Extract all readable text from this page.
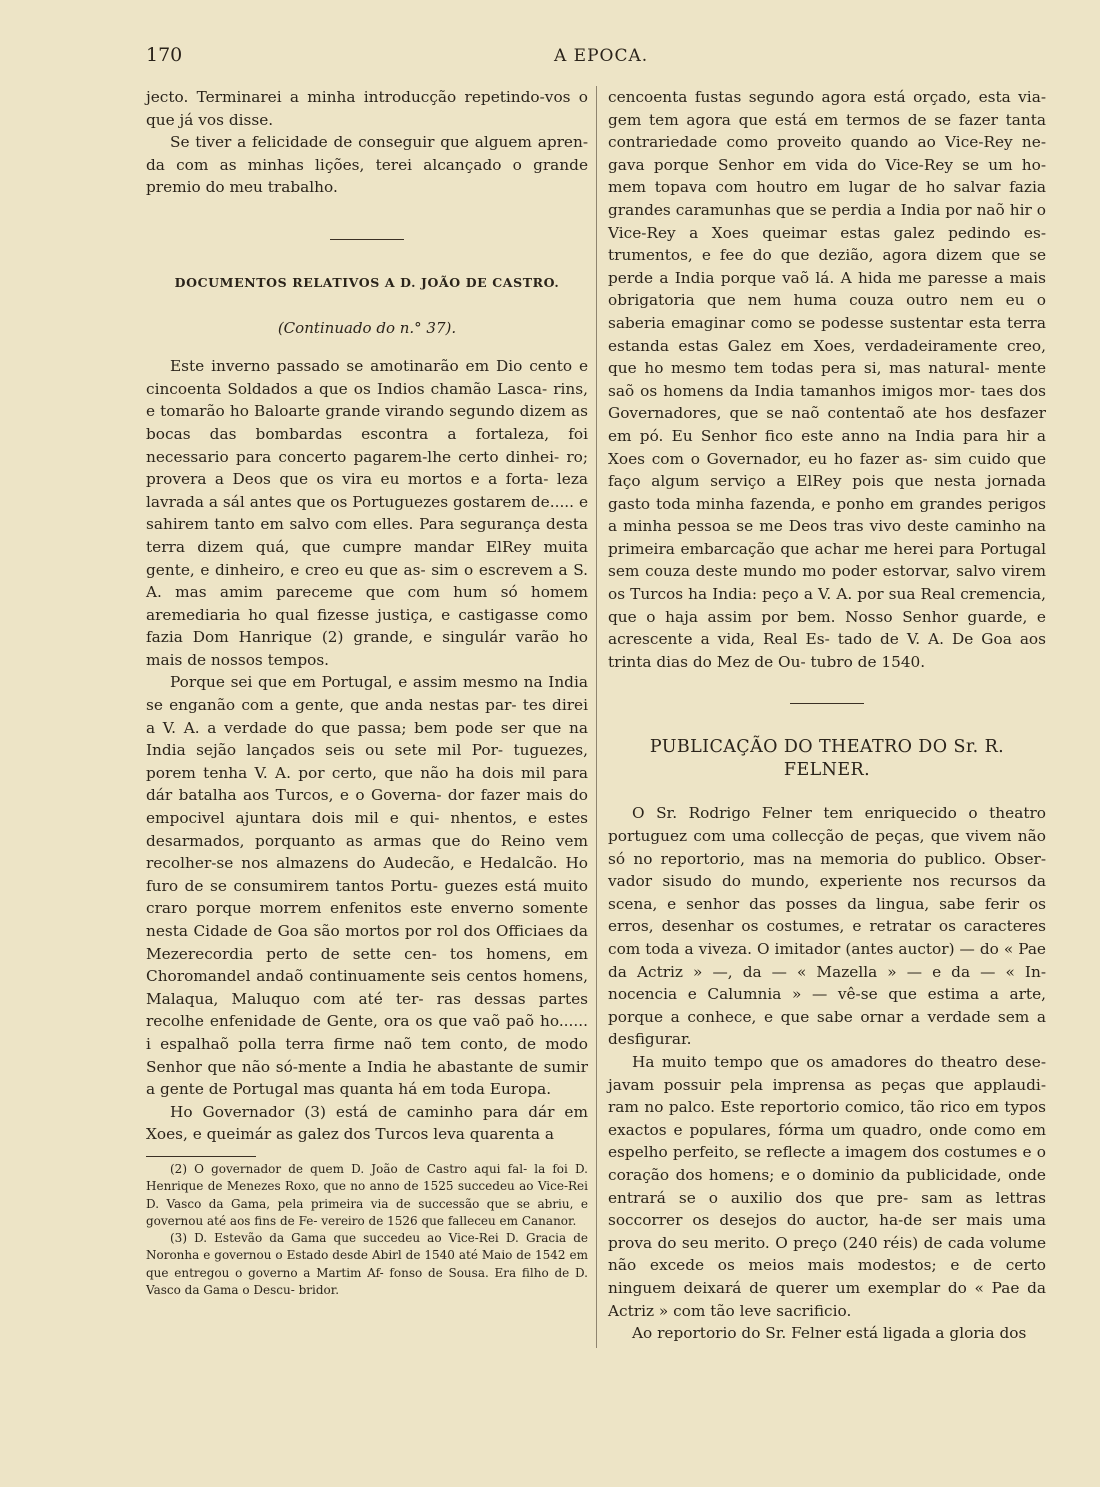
170	A EPOCA.

jecto. Terminarei a minha introducção repetindo-vos o que já vos disse.

Se tiver a felicidade de conseguir que alguem apren- da com as minhas lições, terei alcançado o grande premio do meu trabalho.

DOCUMENTOS RELATIVOS A D. JOÃO DE CASTRO.

(Continuado do n.° 37).

Este inverno passado se amotinarão em Dio cento e cincoenta Soldados a que os Indios chamão Lasca- rins, e tomarão ho Baloarte grande virando segundo dizem as bocas das bombardas escontra a fortaleza, foi necessario para concerto pagarem-lhe certo dinhei- ro; provera a Deos que os vira eu mortos e a forta- leza lavrada a sál antes que os Portuguezes gostarem de..... e sahirem tanto em salvo com elles. Para segurança desta terra dizem quá, que cumpre mandar ElRey muita gente, e dinheiro, e creo eu que as- sim o escrevem a S. A. mas amim pareceme que com hum só homem aremediaria ho qual fizesse justiça, e castigasse como fazia Dom Hanrique (2) grande, e singulár varão ho mais de nossos tempos.

Porque sei que em Portugal, e assim mesmo na India se enganão com a gente, que anda nestas par- tes direi a V. A. a verdade do que passa; bem pode ser que na India sejão lançados seis ou sete mil Por- tuguezes, porem tenha V. A. por certo, que não ha dois mil para dár batalha aos Turcos, e o Governa- dor fazer mais do empocivel ajuntara dois mil e qui- nhentos, e estes desarmados, porquanto as armas que do Reino vem recolher-se nos almazens do Audecão, e Hedalcão. Ho furo de se consumirem tantos Portu- guezes está muito craro porque morrem enfenitos este enverno somente nesta Cidade de Goa são mortos por rol dos Officiaes da Mezerecordia perto de sette cen- tos homens, em Choromandel andaõ continuamente seis centos homens, Malaqua, Maluquo com até ter- ras dessas partes recolhe enfenidade de Gente, ora os que vaõ paõ ho...... i espalhaõ polla terra firme naõ tem conto, de modo Senhor que não só-mente a India he abastante de sumir a gente de Portugal mas quanta há em toda Europa.

Ho Governador (3) está de caminho para dár em Xoes, e queimár as galez dos Turcos leva quarenta a

(2) O governador de quem D. João de Castro aqui fal- la foi D. Henrique de Menezes Roxo, que no anno de 1525 succedeu ao Vice-Rei D. Vasco da Gama, pela primeira via de successão que se abriu, e governou até aos fins de Fe- vereiro de 1526 que falleceu em Cananor.

(3) D. Estevão da Gama que succedeu ao Vice-Rei D. Gracia de Noronha e governou o Estado desde Abirl de 1540 até Maio de 1542 em que entregou o governo a Martim Af- fonso de Sousa. Era filho de D. Vasco da Gama o Descu- bridor.

cencoenta fustas segundo agora está orçado, esta via- gem tem agora que está em termos de se fazer tanta contrariedade como proveito quando ao Vice-Rey ne- gava porque Senhor em vida do Vice-Rey se um ho- mem topava com houtro em lugar de ho salvar fazia grandes caramunhas que se perdia a India por naõ hir o Vice-Rey a Xoes queimar estas galez pedindo es- trumentos, e fee do que dezião, agora dizem que se perde a India porque vaõ lá. A hida me paresse a mais obrigatoria que nem huma couza outro nem eu o saberia emaginar como se podesse sustentar esta terra estanda estas Galez em Xoes, verdadeiramente creo, que ho mesmo tem todas pera si, mas natural- mente saõ os homens da India tamanhos imigos mor- taes dos Governadores, que se naõ contentaõ ate hos desfazer em pó. Eu Senhor fico este anno na India para hir a Xoes com o Governador, eu ho fazer as- sim cuido que faço algum serviço a ElRey pois que nesta jornada gasto toda minha fazenda, e ponho em grandes perigos a minha pessoa se me Deos tras vivo deste caminho na primeira embarcação que achar me herei para Portugal sem couza deste mundo mo poder estorvar, salvo virem os Turcos ha India: peço a V. A. por sua Real cremencia, que o haja assim por bem. Nosso Senhor guarde, e acrescente a vida, Real Es- tado de V. A. De Goa aos trinta dias do Mez de Ou- tubro de 1540.

PUBLICAÇÃO DO THEATRO DO Sr. R. FELNER.

O Sr. Rodrigo Felner tem enriquecido o theatro portuguez com uma collecção de peças, que vivem não só no reportorio, mas na memoria do publico. Obser- vador sisudo do mundo, experiente nos recursos da scena, e senhor das posses da lingua, sabe ferir os erros, desenhar os costumes, e retratar os caracteres com toda a viveza. O imitador (antes auctor) — do « Pae da Actriz » —, da — « Mazella » — e da — « In- nocencia e Calumnia » — vê-se que estima a arte, porque a conhece, e que sabe ornar a verdade sem a desfigurar.

Ha muito tempo que os amadores do theatro dese- javam possuir pela imprensa as peças que applaudi- ram no palco. Este reportorio comico, tão rico em typos exactos e populares, fórma um quadro, onde como em espelho perfeito, se reflecte a imagem dos costumes e o coração dos homens; e o dominio da publicidade, onde entrará se o auxilio dos que pre- sam as lettras soccorrer os desejos do auctor, ha-de ser mais uma prova do seu merito. O preço (240 réis) de cada volume não excede os meios mais modestos; e de certo ninguem deixará de querer um exemplar do « Pae da Actriz » com tão leve sacrificio.

Ao reportorio do Sr. Felner está ligada a gloria dos
